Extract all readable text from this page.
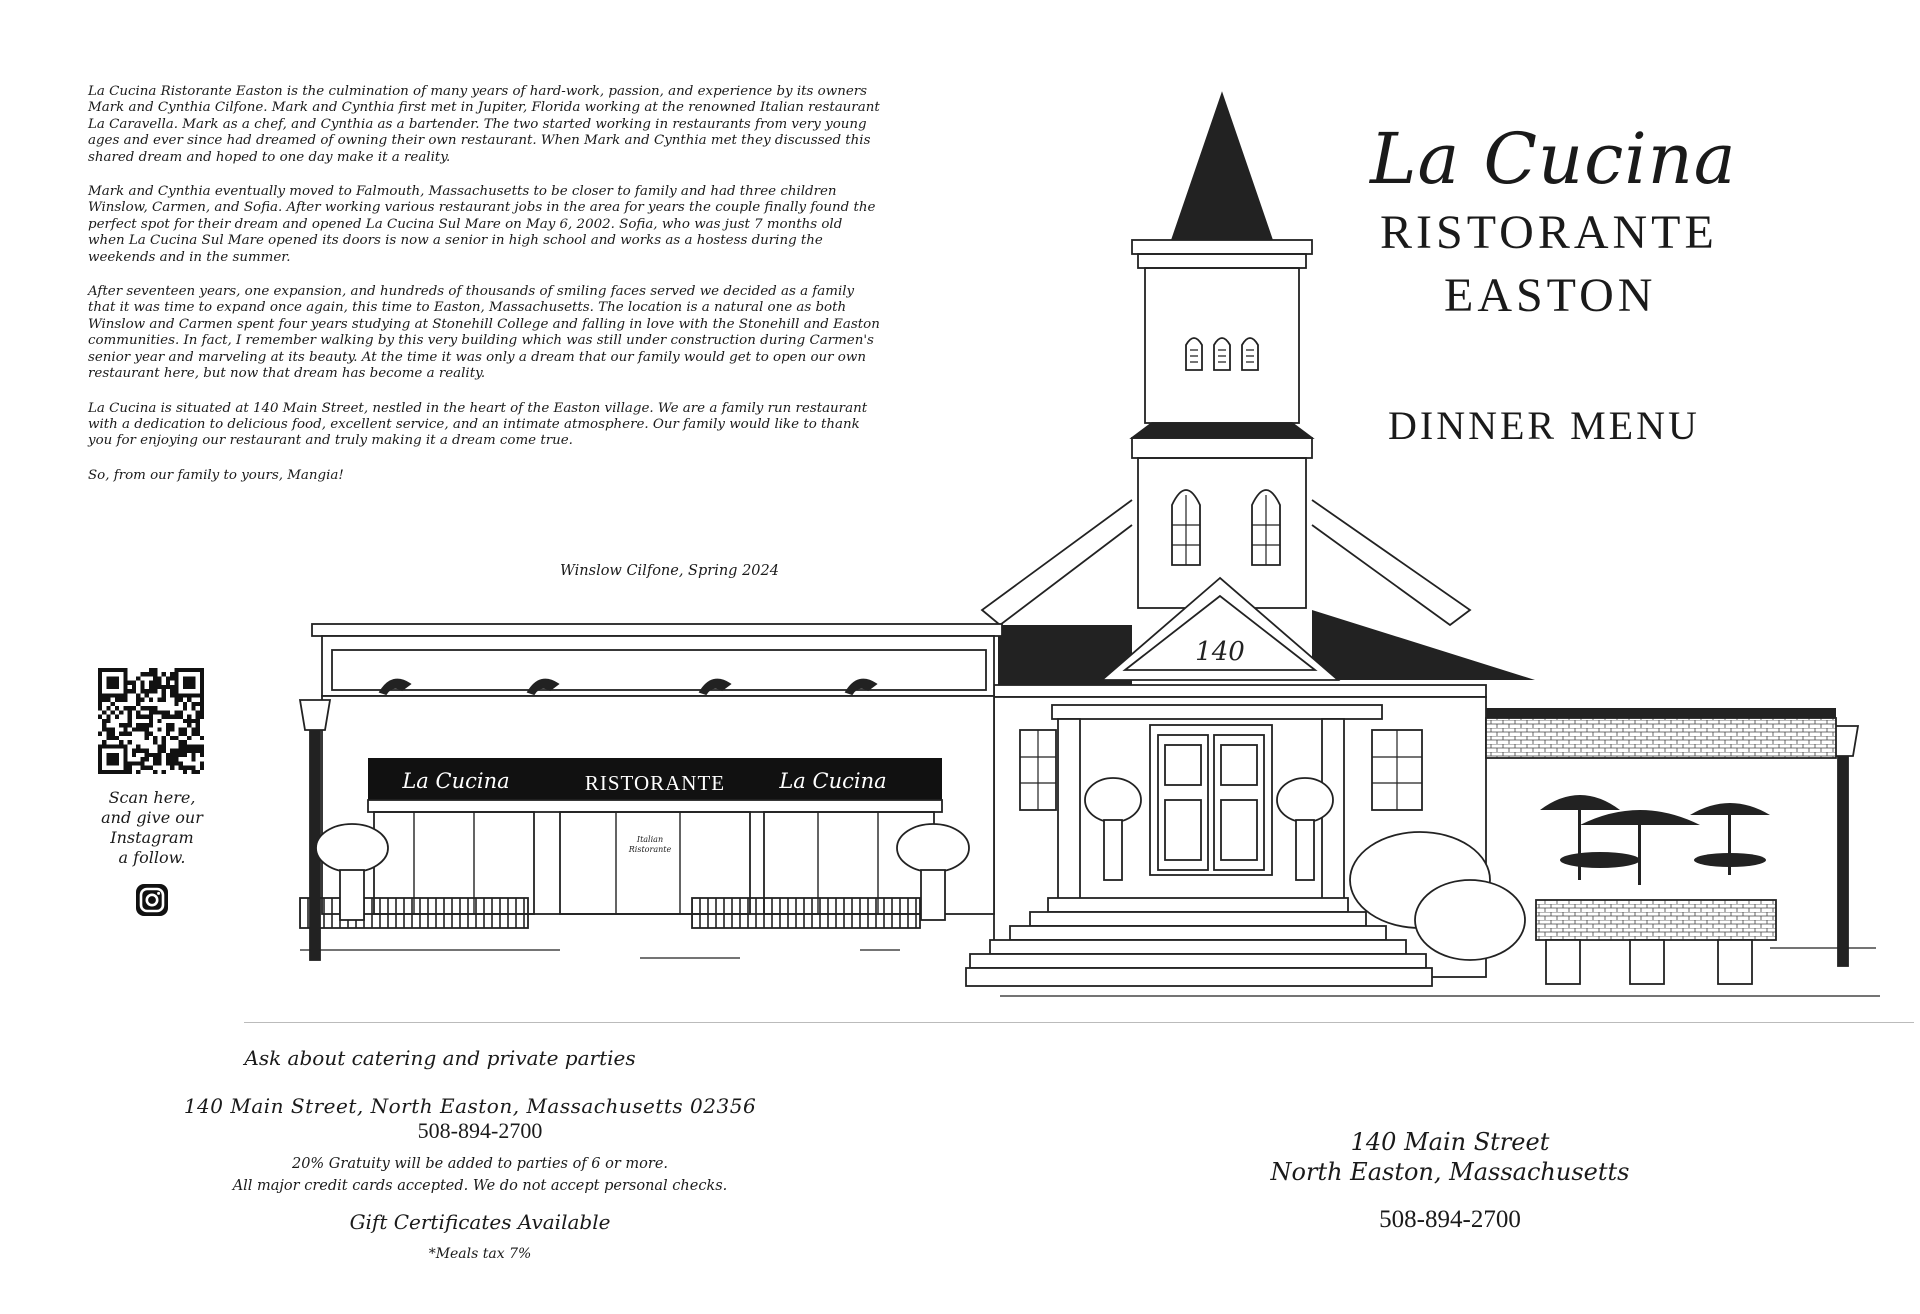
La Cucina Ristorante Easton is the culmination of many years of hard-work, passion, and experience by its owners Mark and Cynthia Cilfone. Mark and Cynthia first met in Jupiter, Florida working at the renowned Italian restaurant La Caravella. Mark as a chef, and Cynthia as a bartender. The two started working in restaurants from very young ages and ever since had dreamed of owning their own restaurant. When Mark and Cynthia met they discussed this shared dream and hoped to one day make it a reality.

Mark and Cynthia eventually moved to Falmouth, Massachusetts to be closer to family and had three children Winslow, Carmen, and Sofia. After working various restaurant jobs in the area for years the couple finally found the perfect spot for their dream and opened La Cucina Sul Mare on May 6, 2002. Sofia, who was just 7 months old when La Cucina Sul Mare opened its doors is now a senior in high school and works as a hostess during the weekends and in the summer.

After seventeen years, one expansion, and hundreds of thousands of smiling faces served we decided as a family that it was time to expand once again, this time to Easton, Massachusetts. The location is a natural one as both Winslow and Carmen spent four years studying at Stonehill College and falling in love with the Stonehill and Easton communities. In fact, I remember walking by this very building which was still under construction during Carmen's senior year and marveling at its beauty. At the time it was only a dream that our family would get to open our own restaurant here, but now that dream has become a reality.

La Cucina is situated at 140 Main Street, nestled in the heart of the Easton village. We are a family run restaurant with a dedication to delicious food, excellent service, and an intimate atmosphere. Our family would like to thank you for enjoying our restaurant and truly making it a dream come true.

So, from our family to yours, Mangia!

Winslow Cilfone, Spring 2024
La Cucina
RISTORANTE
EASTON
DINNER MENU
Scan here,
and give our
Instagram
a follow.
140
La Cucina	RISTORANTE	La Cucina
Italian
Ristorante
Ask about catering and private parties
140 Main Street, North Easton, Massachusetts 02356
508-894-2700
20% Gratuity will be added to parties of 6 or more.
All major credit cards accepted. We do not accept personal checks.
Gift Certificates Available
*Meals tax 7%
140 Main Street
North Easton, Massachusetts
508-894-2700
